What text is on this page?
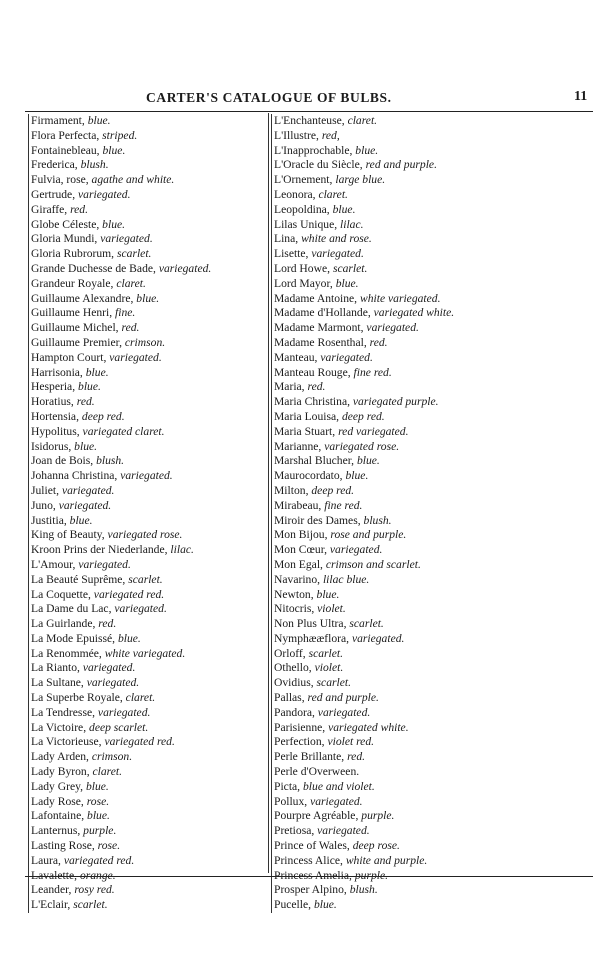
CARTER'S CATALOGUE OF BULBS.	11
Firmament, blue.
Flora Perfecta, striped.
Fontainebleau, blue.
Frederica, blush.
Fulvia, rose, agathe and white.
Gertrude, variegated.
Giraffe, red.
Globe Céleste, blue.
Gloria Mundi, variegated.
Gloria Rubrorum, scarlet.
Grande Duchesse de Bade, variegated.
Grandeur Royale, claret.
Guillaume Alexandre, blue.
Guillaume Henri, fine.
Guillaume Michel, red.
Guillaume Premier, crimson.
Hampton Court, variegated.
Harrisonia, blue.
Hesperia, blue.
Horatius, red.
Hortensia, deep red.
Hypolitus, variegated claret.
Isidorus, blue.
Joan de Bois, blush.
Johanna Christina, variegated.
Juliet, variegated.
Juno, variegated.
Justitia, blue.
King of Beauty, variegated rose.
Kroon Prins der Niederlande, lilac.
L'Amour, variegated.
La Beauté Suprême, scarlet.
La Coquette, variegated red.
La Dame du Lac, variegated.
La Guirlande, red.
La Mode Epuissé, blue.
La Renommée, white variegated.
La Rianto, variegated.
La Sultane, variegated.
La Superbe Royale, claret.
La Tendresse, variegated.
La Victoire, deep scarlet.
La Victorieuse, variegated red.
Lady Arden, crimson.
Lady Byron, claret.
Lady Grey, blue.
Lady Rose, rose.
Lafontaine, blue.
Lanternus, purple.
Lasting Rose, rose.
Laura, variegated red.
Lavalette, orange.
Leander, rosy red.
L'Eclair, scarlet.
L'Enchanteuse, claret.
L'Illustre, red,
L'Inapprochable, blue.
L'Oracle du Siècle, red and purple.
L'Ornement, large blue.
Leonora, claret.
Leopoldina, blue.
Lilas Unique, lilac.
Lina, white and rose.
Lisette, variegated.
Lord Howe, scarlet.
Lord Mayor, blue.
Madame Antoine, white variegated.
Madame d'Hollande, variegated white.
Madame Marmont, variegated.
Madame Rosenthal, red.
Manteau, variegated.
Manteau Rouge, fine red.
Maria, red.
Maria Christina, variegated purple.
Maria Louisa, deep red.
Maria Stuart, red variegated.
Marianne, variegated rose.
Marshal Blucher, blue.
Maurocordato, blue.
Milton, deep red.
Mirabeau, fine red.
Miroir des Dames, blush.
Mon Bijou, rose and purple.
Mon Cœur, variegated.
Mon Egal, crimson and scarlet.
Navarino, lilac blue.
Newton, blue.
Nitocris, violet.
Non Plus Ultra, scarlet.
Nymphææflora, variegated.
Orloff, scarlet.
Othello, violet.
Ovidius, scarlet.
Pallas, red and purple.
Pandora, variegated.
Parisienne, variegated white.
Perfection, violet red.
Perle Brillante, red.
Perle d'Overween.
Picta, blue and violet.
Pollux, variegated.
Pourpre Agréable, purple.
Pretiosa, variegated.
Prince of Wales, deep rose.
Princess Alice, white and purple.
Princess Amelia, purple.
Prosper Alpino, blush.
Pucelle, blue.
